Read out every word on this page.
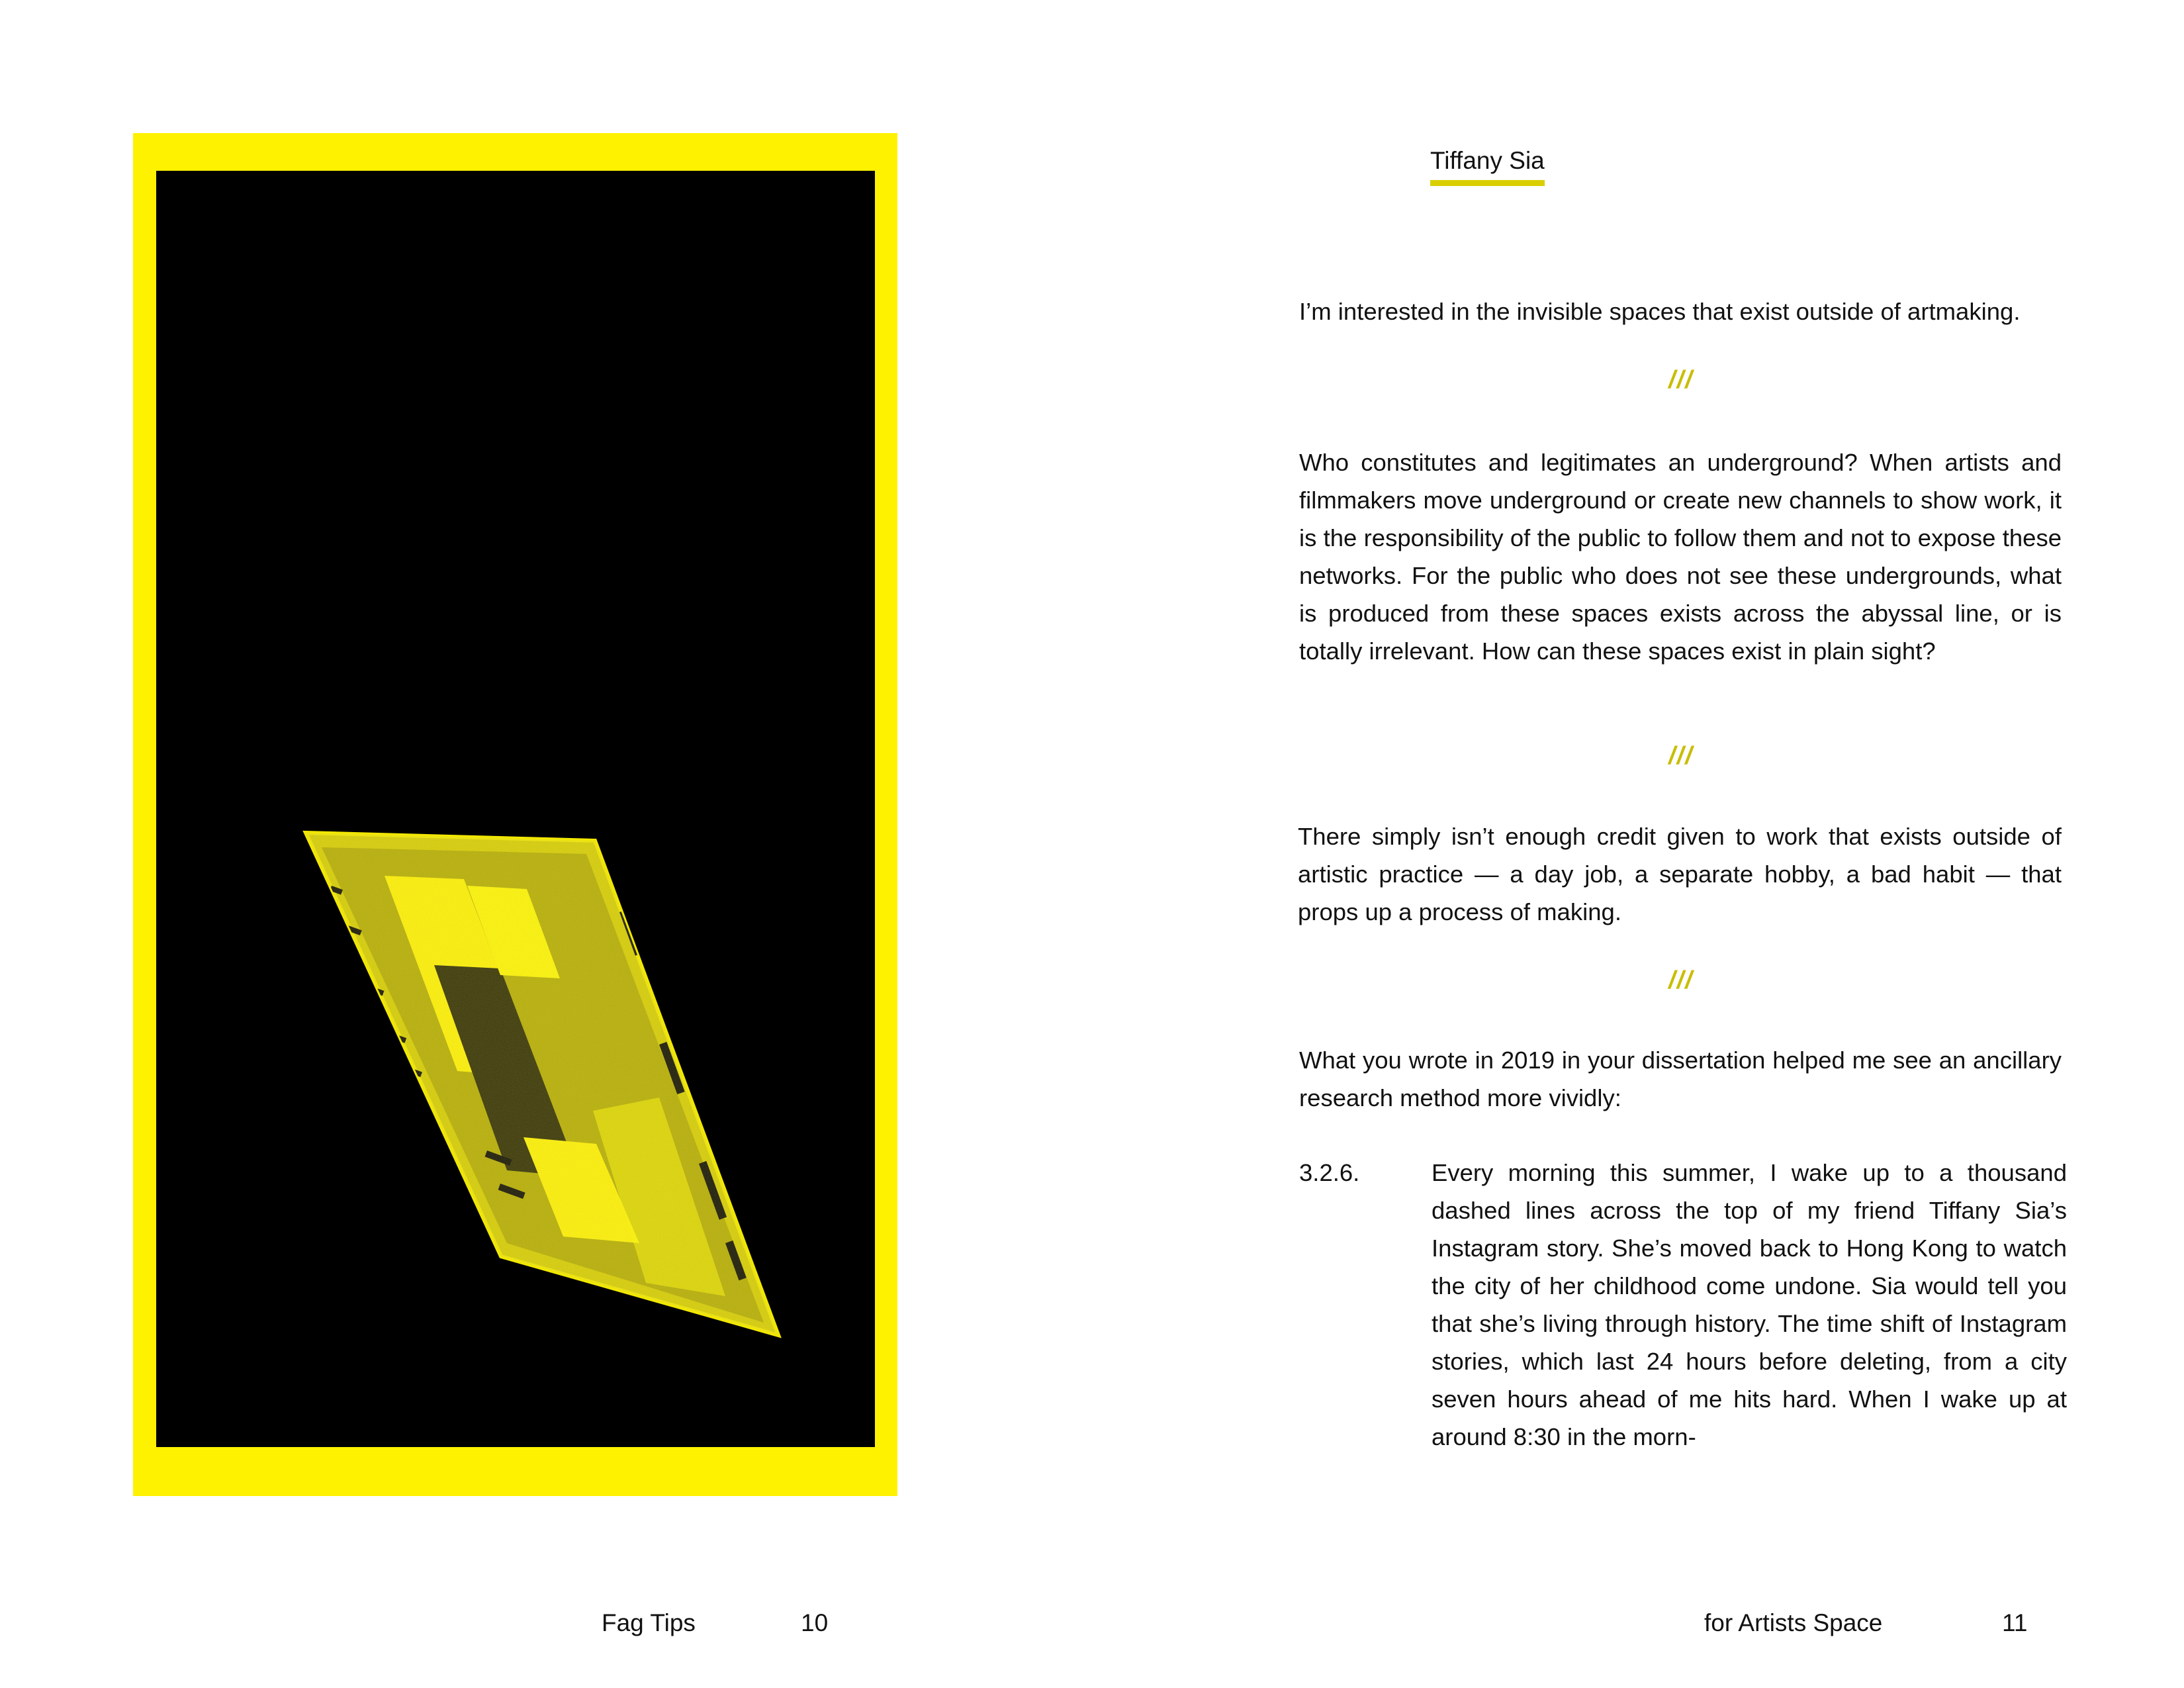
Fag Tips	10
Tiffany Sia

I’m interested in the invisible spaces that exist outside of artmaking.

///

Who constitutes and legitimates an underground? When artists and filmmakers move underground or create new channels to show work, it is the responsibility of the public to follow them and not to expose these networks. For the public who does not see these undergrounds, what is produced from these spaces exists across the abyssal line, or is totally irrelevant. How can these spaces exist in plain sight?

///

There simply isn’t enough credit given to work that exists outside of artistic practice — a day job, a separate hobby, a bad habit — that props up a process of making.

///

What you wrote in 2019 in your dissertation helped me see an ancillary research method more vividly:

3.2.6.	Every morning this summer, I wake up to a thousand dashed lines across the top of my friend Tiffany Sia’s Instagram story. She’s moved back to Hong Kong to watch the city of her childhood come undone. Sia would tell you that she’s living through history. The time shift of Instagram stories, which last 24 hours before deleting, from a city seven hours ahead of me hits hard. When I wake up at around 8:30 in the morn-

for Artists Space	11
